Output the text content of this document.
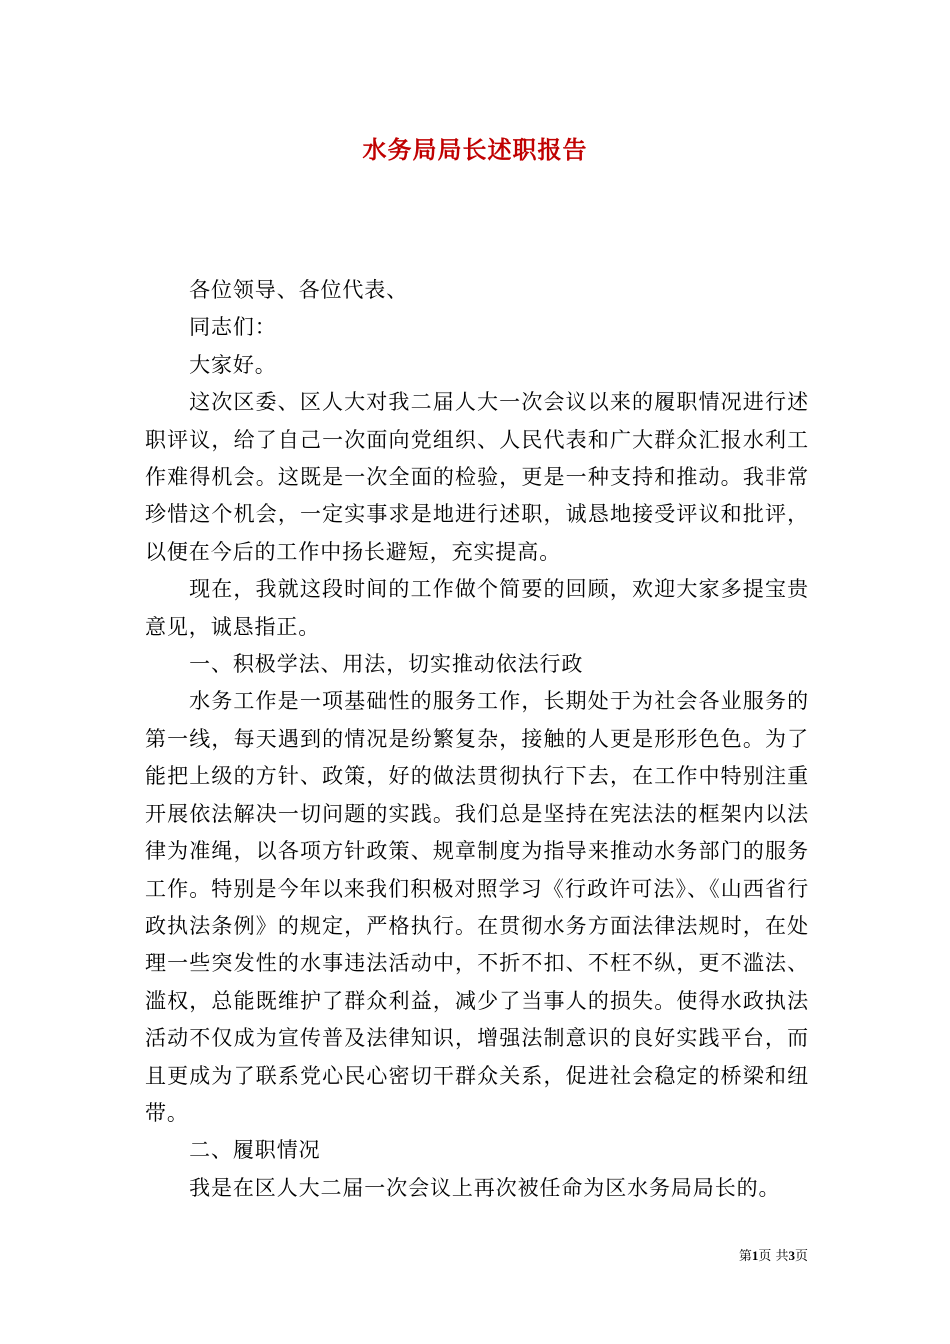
水务局局长述职报告

各位领导、各位代表、

同志们：

大家好。

这次区委、区人大对我二届人大一次会议以来的履职情况进行述职评议，给了自己一次面向党组织、人民代表和广大群众汇报水利工作难得机会。这既是一次全面的检验，更是一种支持和推动。我非常珍惜这个机会，一定实事求是地进行述职，诚恳地接受评议和批评，以便在今后的工作中扬长避短，充实提高。

现在，我就这段时间的工作做个简要的回顾，欢迎大家多提宝贵意见，诚恳指正。

一、积极学法、用法，切实推动依法行政

水务工作是一项基础性的服务工作，长期处于为社会各业服务的第一线，每天遇到的情况是纷繁复杂，接触的人更是形形色色。为了能把上级的方针、政策，好的做法贯彻执行下去，在工作中特别注重开展依法解决一切问题的实践。我们总是坚持在宪法法的框架内以法律为准绳，以各项方针政策、规章制度为指导来推动水务部门的服务工作。特别是今年以来我们积极对照学习《行政许可法》、《山西省行政执法条例》的规定，严格执行。在贯彻水务方面法律法规时，在处理一些突发性的水事违法活动中，不折不扣、不枉不纵，更不滥法、滥权，总能既维护了群众利益，减少了当事人的损失。使得水政执法活动不仅成为宣传普及法律知识，增强法制意识的良好实践平台，而且更成为了联系党心民心密切干群众关系，促进社会稳定的桥梁和纽带。

二、履职情况

我是在区人大二届一次会议上再次被任命为区水务局局长的。

第1页 共3页
